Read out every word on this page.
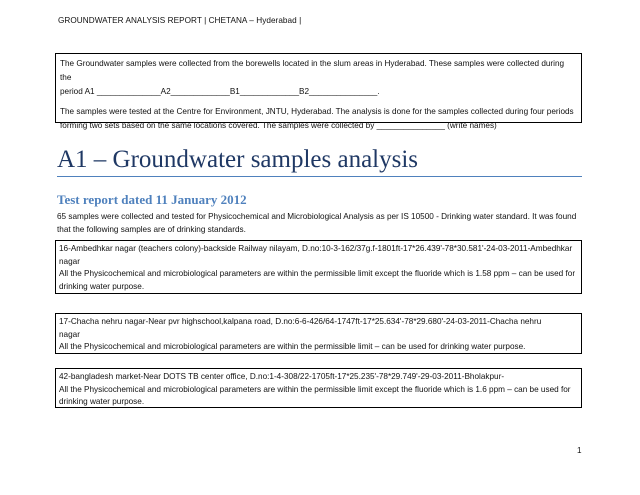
GROUNDWATER ANALYSIS REPORT | CHETANA – Hyderabad |

The Groundwater samples were collected from the borewells located in the slum areas in Hyderabad. These samples were collected during the

period A1 ______________A2_____________B1_____________B2_______________.

The samples were tested at the Centre for Environment, JNTU, Hyderabad. The analysis is done for the samples collected during four periods

forming two sets based on the same locations covered. The samples were collected by _______________ (write names)

A1 – Groundwater samples analysis
Test report dated 11 January 2012

65 samples were collected and tested for Physicochemical and Microbiological Analysis as per IS 10500 - Drinking water standard. It was found

that the following samples are of drinking standards.

16-Ambedhkar nagar (teachers colony)-backside Railway nilayam, D.no:10-3-162/37g.f-1801ft-17*26.439'-78*30.581'-24-03-2011-Ambedhkar

nagar

All the Physicochemical and microbiological parameters are within the permissible limit except the fluoride which is 1.58 ppm – can be used for

drinking water purpose.

17-Chacha nehru nagar-Near pvr highschool,kalpana road, D.no:6-6-426/64-1747ft-17*25.634'-78*29.680'-24-03-2011-Chacha nehru

nagar

All the Physicochemical and microbiological parameters are within the permissible limit – can be used for drinking water purpose.

42-bangladesh market-Near DOTS TB center office, D.no:1-4-308/22-1705ft-17*25.235'-78*29.749'-29-03-2011-Bholakpur-

All the Physicochemical and microbiological parameters are within the permissible limit except the fluoride which is 1.6 ppm – can be used for

drinking water purpose.

1
